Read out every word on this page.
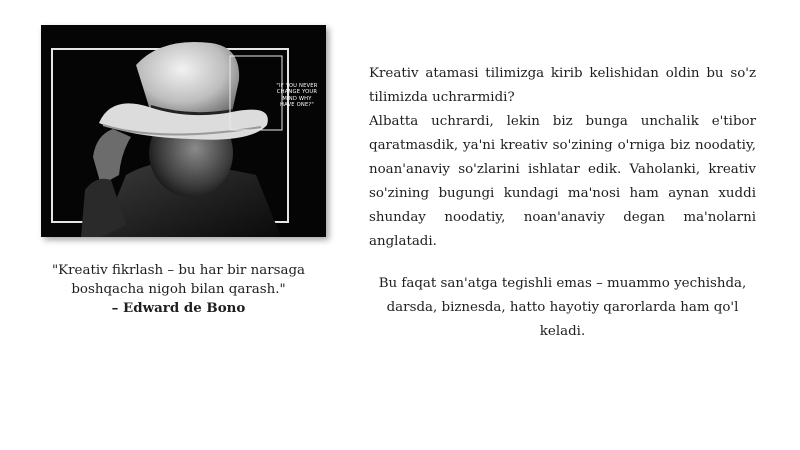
"IF YOU NEVER CHANGE YOUR MIND WHY HAVE ONE?"
"Kreativ fikrlash – bu har bir narsaga boshqacha nigoh bilan qarash."
– Edward de Bono

Kreativ atamasi tilimizga kirib kelishidan oldin bu so'z tilimizda uchrarmidi?

Albatta uchrardi, lekin biz bunga unchalik e'tibor qaratmasdik, ya'ni kreativ so'zining o'rniga biz noodatiy, noan'anaviy so'zlarini ishlatar edik. Vaholanki, kreativ so'zining bugungi kundagi ma'nosi ham aynan xuddi shunday noodatiy, noan'anaviy degan ma'nolarni anglatadi.

Bu faqat san'atga tegishli emas – muammo yechishda, darsda, biznesda, hatto hayotiy qarorlarda ham qo'l keladi.
